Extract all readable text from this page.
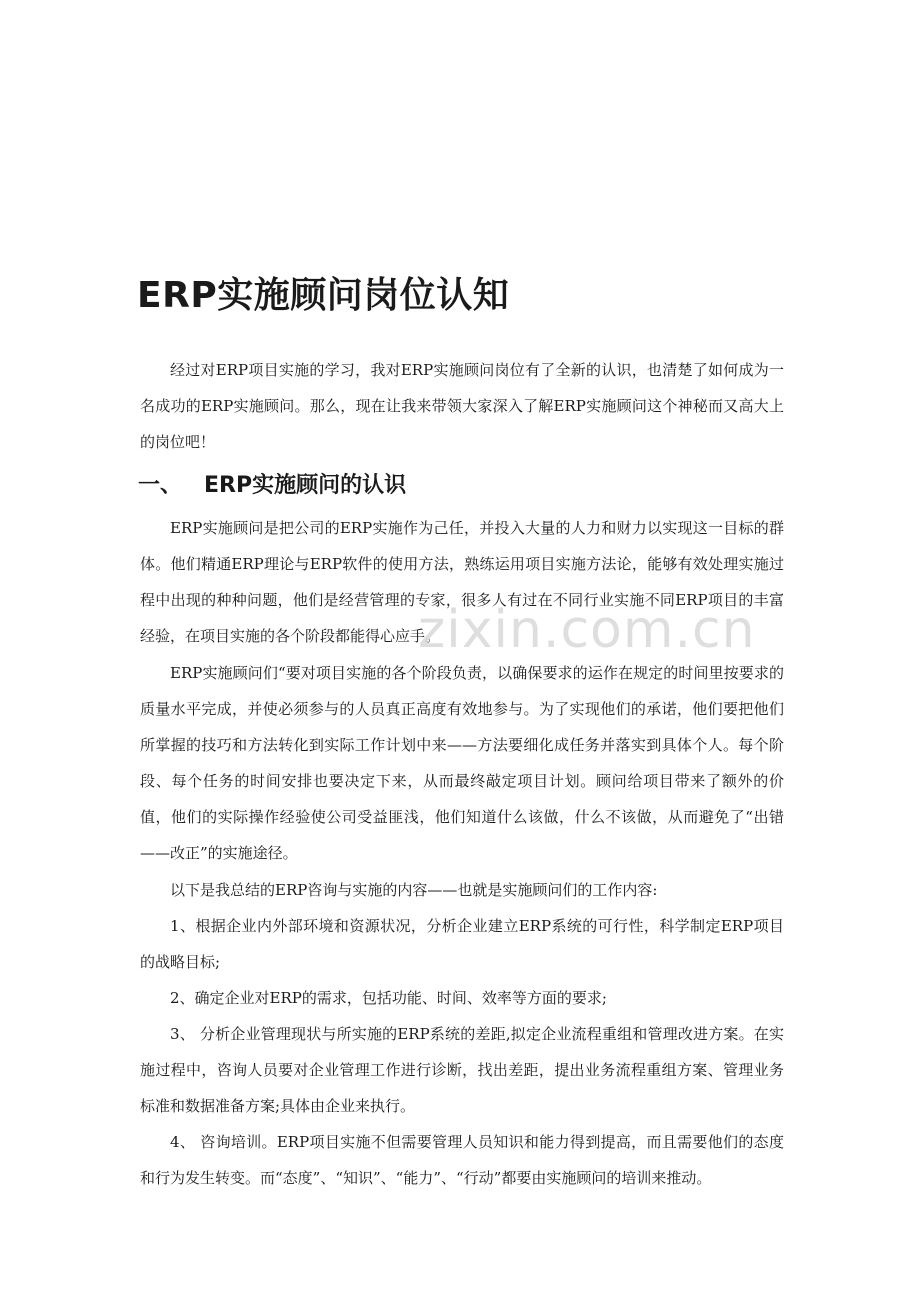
ERP实施顾问岗位认知

经过对ERP项目实施的学习，我对ERP实施顾问岗位有了全新的认识，也清楚了如何成为一名成功的ERP实施顾问。那么，现在让我来带领大家深入了解ERP实施顾问这个神秘而又高大上的岗位吧！

一、 ERP实施顾问的认识

ERP实施顾问是把公司的ERP实施作为己任，并投入大量的人力和财力以实现这一目标的群体。他们精通ERP理论与ERP软件的使用方法，熟练运用项目实施方法论，能够有效处理实施过程中出现的种种问题，他们是经营管理的专家，很多人有过在不同行业实施不同ERP项目的丰富经验，在项目实施的各个阶段都能得心应手。

ERP实施顾问们“要对项目实施的各个阶段负责，以确保要求的运作在规定的时间里按要求的质量水平完成，并使必须参与的人员真正高度有效地参与。为了实现他们的承诺，他们要把他们所掌握的技巧和方法转化到实际工作计划中来——方法要细化成任务并落实到具体个人。每个阶段、每个任务的时间安排也要决定下来，从而最终敲定项目计划。顾问给项目带来了额外的价值，他们的实际操作经验使公司受益匪浅，他们知道什么该做，什么不该做，从而避免了“出错——改正”的实施途径。

以下是我总结的ERP咨询与实施的内容——也就是实施顾问们的工作内容:

1、根据企业内外部环境和资源状况，分析企业建立ERP系统的可行性，科学制定ERP项目的战略目标;

2、确定企业对ERP的需求，包括功能、时间、效率等方面的要求;

3、 分析企业管理现状与所实施的ERP系统的差距,拟定企业流程重组和管理改进方案。在实施过程中，咨询人员要对企业管理工作进行诊断，找出差距，提出业务流程重组方案、管理业务标准和数据准备方案;具体由企业来执行。

4、 咨询培训。ERP项目实施不但需要管理人员知识和能力得到提高，而且需要他们的态度和行为发生转变。而“态度”、“知识”、“能力”、“行动”都要由实施顾问的培训来推动。

zixin.com.cn
